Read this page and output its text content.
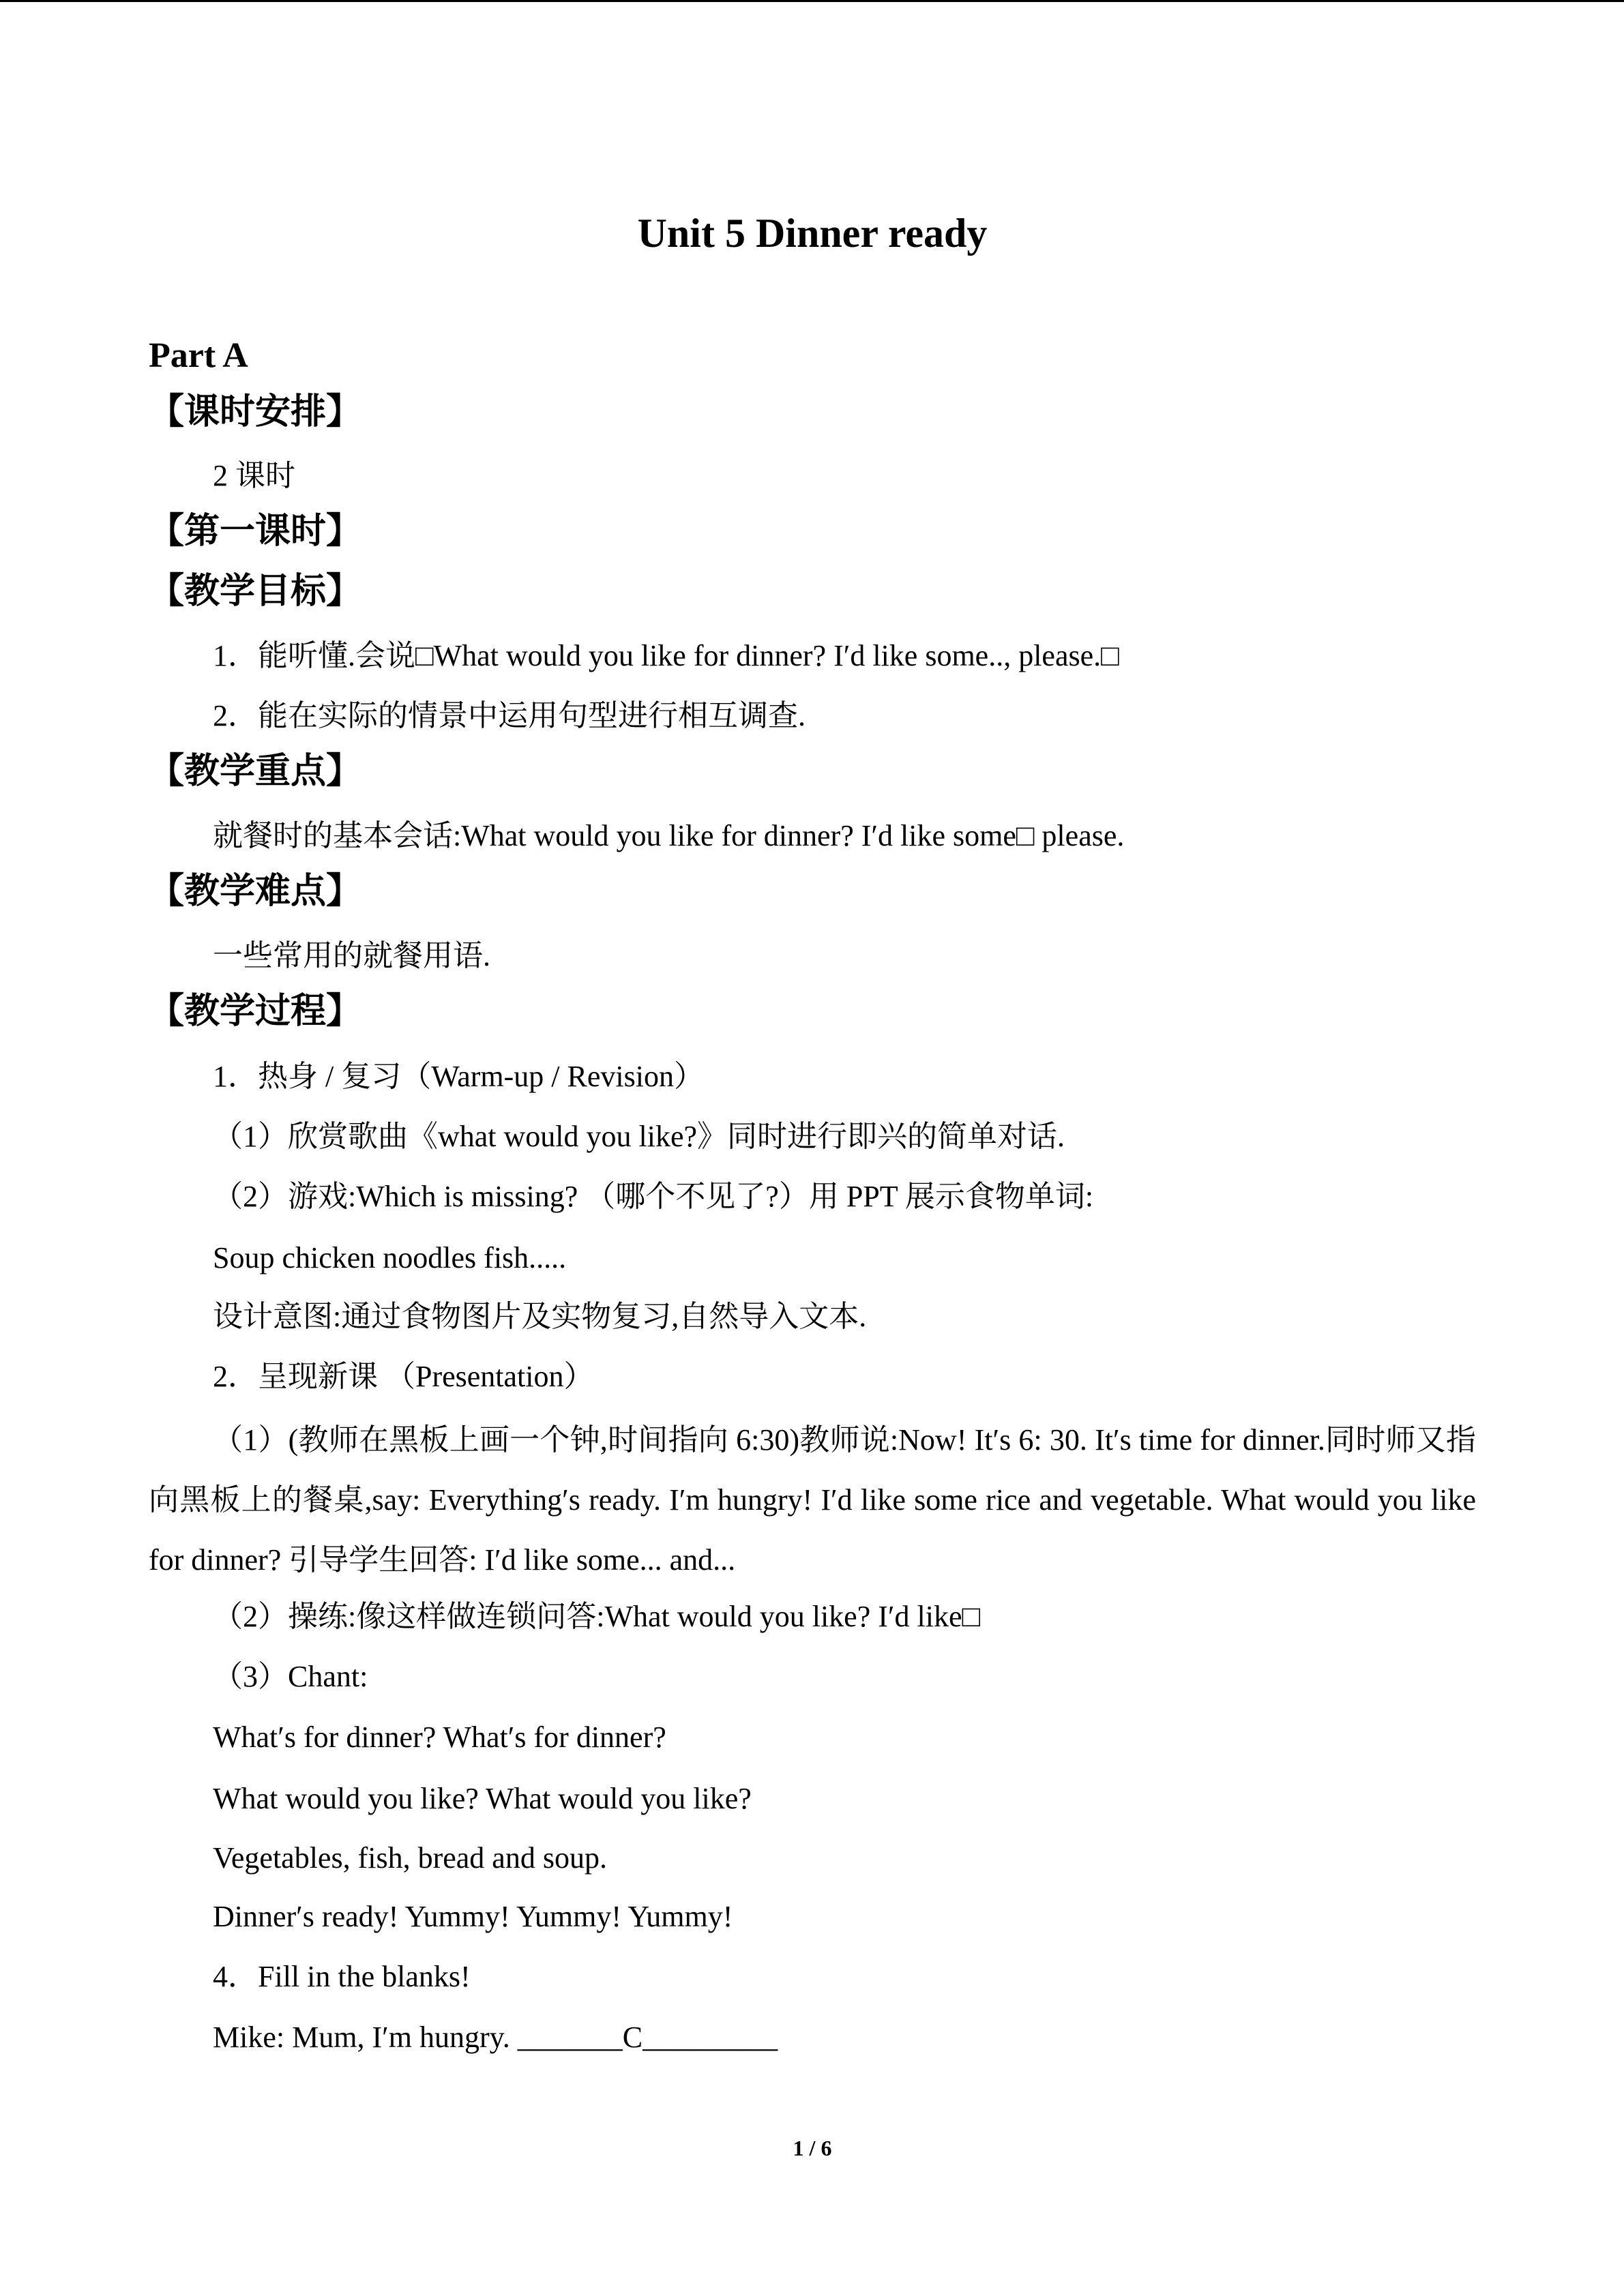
Unit 5 Dinner ready
Part A
【课时安排】
2 课时
【第一课时】
【教学目标】
1．能听懂.会说□What would you like for dinner? I′d like some.., please.□
2．能在实际的情景中运用句型进行相互调查.
【教学重点】
就餐时的基本会话:What would you like for dinner? I′d like some□ please.
【教学难点】
一些常用的就餐用语.
【教学过程】
1．热身 / 复习（Warm-up / Revision）
（1）欣赏歌曲《what would you like?》同时进行即兴的简单对话.
（2）游戏:Which is missing? （哪个不见了?）用 PPT 展示食物单词:
Soup chicken noodles fish.....
设计意图:通过食物图片及实物复习,自然导入文本.
2．呈现新课 （Presentation）
（1）(教师在黑板上画一个钟,时间指向 6:30)教师说:Now! It′s 6: 30. It′s time for dinner.同时师又指向黑板上的餐桌,say: Everything′s ready. I′m hungry! I′d like some rice and vegetable. What would you like for dinner? 引导学生回答: I′d like some... and...
（2）操练:像这样做连锁问答:What would you like? I′d like□
（3）Chant:
What′s for dinner? What′s for dinner?
What would you like? What would you like?
Vegetables, fish, bread and soup.
Dinner′s ready! Yummy! Yummy! Yummy!
4．Fill in the blanks!
Mike: Mum, I′m hungry. _______C_________
1 / 6
